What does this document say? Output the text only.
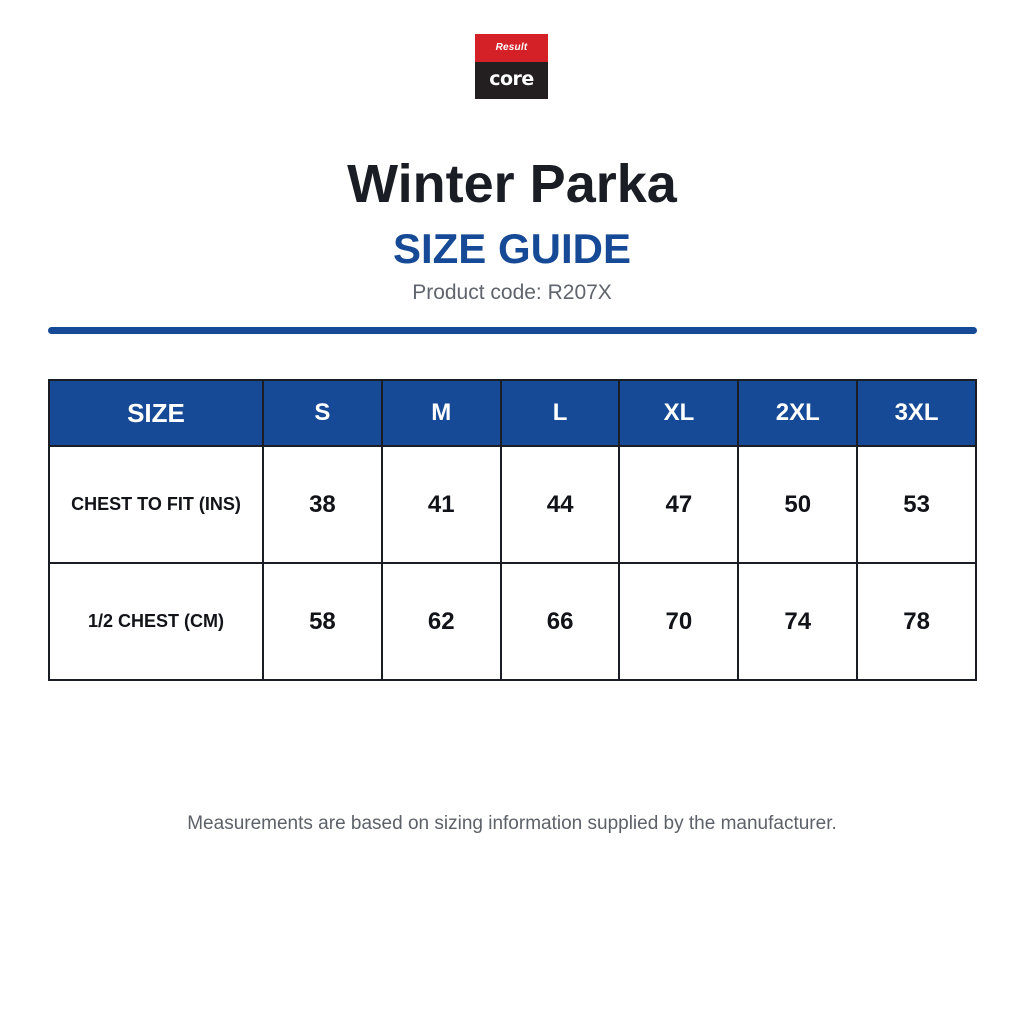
Result
core
Winter Parka
SIZE GUIDE
Product code: R207X
SIZE	S	M	L	XL	2XL	3XL
CHEST TO FIT (INS)	38	41	44	47	50	53
1/2 CHEST (CM)	58	62	66	70	74	78
Measurements are based on sizing information supplied by the manufacturer.
